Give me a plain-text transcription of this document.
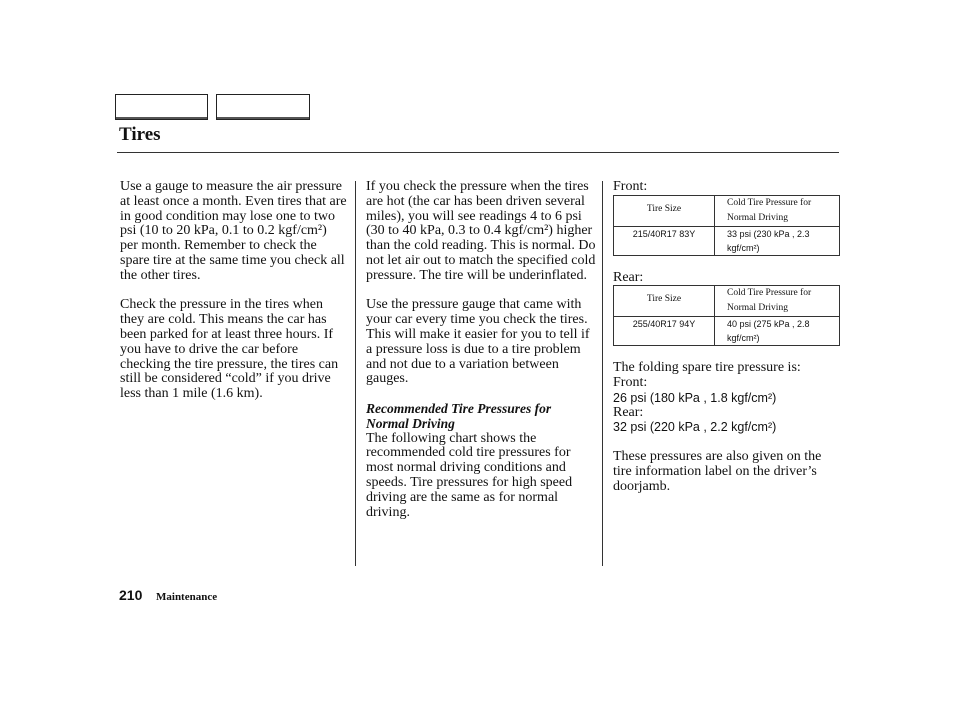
Tires

Use a gauge to measure the air pressure at least once a month. Even tires that are in good condition may lose one to two psi (10 to 20 kPa, 0.1 to 0.2 kgf/cm²) per month. Remember to check the spare tire at the same time you check all the other tires.

Check the pressure in the tires when they are cold. This means the car has been parked for at least three hours. If you have to drive the car before checking the tire pressure, the tires can still be considered “cold” if you drive less than 1 mile (1.6 km).

If you check the pressure when the tires are hot (the car has been driven several miles), you will see readings 4 to 6 psi (30 to 40 kPa, 0.3 to 0.4 kgf/cm²) higher than the cold reading. This is normal. Do not let air out to match the specified cold pressure. The tire will be underinflated.

Use the pressure gauge that came with your car every time you check the tires. This will make it easier for you to tell if a pressure loss is due to a tire problem and not due to a variation between gauges.

Recommended Tire Pressures for Normal Driving

The following chart shows the recommended cold tire pressures for most normal driving conditions and speeds. Tire pressures for high speed driving are the same as for normal driving.

Front:

Tire Size	Cold Tire Pressure for Normal Driving
215/40R17 83Y	33 psi (230 kPa , 2.3 kgf/cm²)

Rear:

Tire Size	Cold Tire Pressure for Normal Driving
255/40R17 94Y	40 psi (275 kPa , 2.8 kgf/cm²)

The folding spare tire pressure is:

Front:

26 psi (180 kPa , 1.8 kgf/cm²)

Rear:

32 psi (220 kPa , 2.2 kgf/cm²)

These pressures are also given on the tire information label on the driver’s doorjamb.

210 Maintenance
